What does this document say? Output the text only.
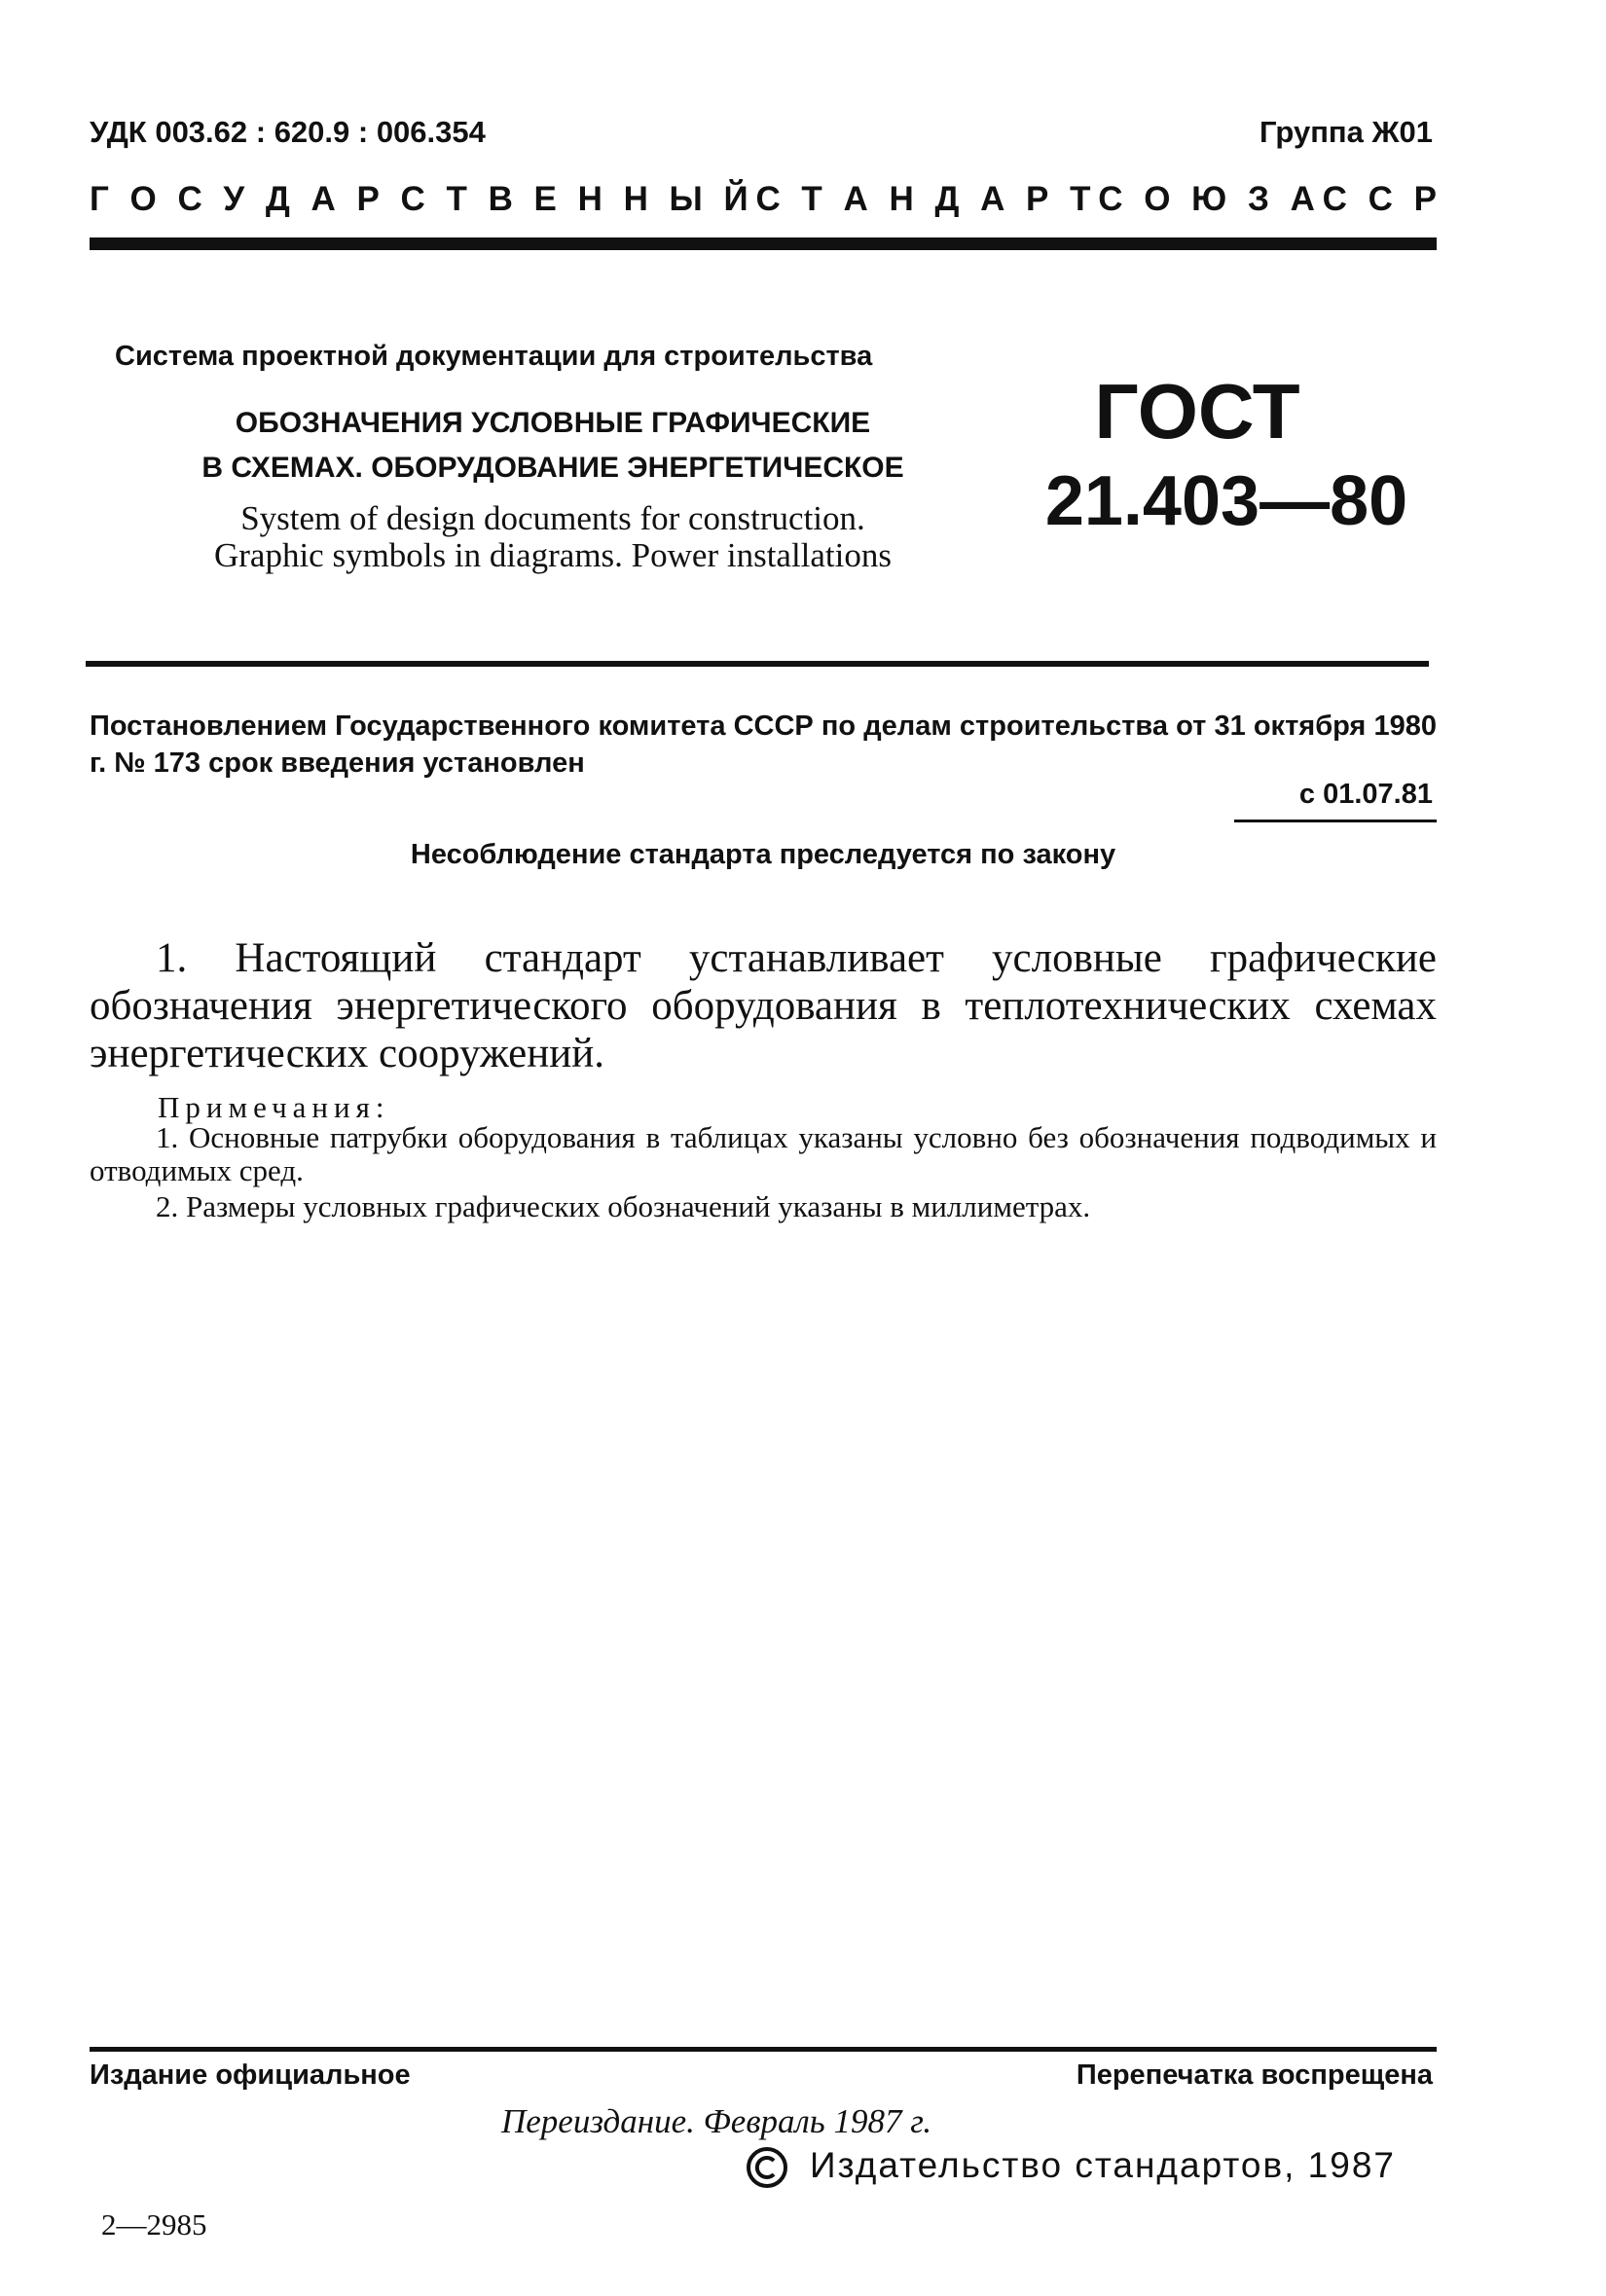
УДК 003.62 : 620.9 : 006.354	Группа Ж01
Г О С У Д А Р С Т В Е Н Н Ы Й С Т А Н Д А Р Т С О Ю З А С С Р
Система проектной документации для строительства
ОБОЗНАЧЕНИЯ УСЛОВНЫЕ ГРАФИЧЕСКИЕ
В СХЕМАХ. ОБОРУДОВАНИЕ ЭНЕРГЕТИЧЕСКОЕ
System of design documents for construction.
Graphic symbols in diagrams. Power installations
ГОСТ
21.403—80
Постановлением Государственного комитета СССР по делам строительства от 31 октября 1980 г. № 173 срок введения установлен
с 01.07.81
Несоблюдение стандарта преследуется по закону
1. Настоящий стандарт устанавливает условные графические обозначения энергетического оборудования в теплотехнических схемах энергетических сооружений.
Примечания:
1. Основные патрубки оборудования в таблицах указаны условно без обозначения подводимых и отводимых сред.
2. Размеры условных графических обозначений указаны в миллиметрах.
Издание официальное	Перепечатка воспрещена
Переиздание. Февраль 1987 г.
Издательство стандартов, 1987
2—2985
